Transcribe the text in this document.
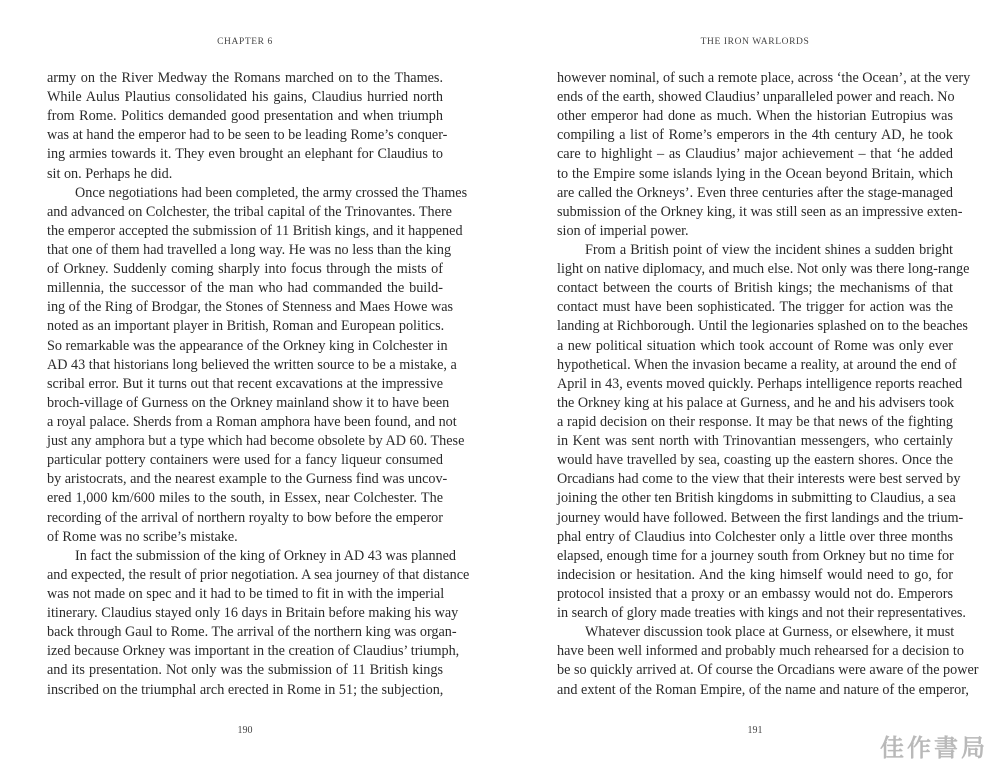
CHAPTER 6	THE IRON WARLORDS
army on the River Medway the Romans marched on to the Thames.
While Aulus Plautius consolidated his gains, Claudius hurried north
from Rome. Politics demanded good presentation and when triumph
was at hand the emperor had to be seen to be leading Rome’s conquer-
ing armies towards it. They even brought an elephant for Claudius to
sit on. Perhaps he did.
Once negotiations had been completed, the army crossed the Thames
and advanced on Colchester, the tribal capital of the Trinovantes. There
the emperor accepted the submission of 11 British kings, and it happened
that one of them had travelled a long way. He was no less than the king
of Orkney. Suddenly coming sharply into focus through the mists of
millennia, the successor of the man who had commanded the build-
ing of the Ring of Brodgar, the Stones of Stenness and Maes Howe was
noted as an important player in British, Roman and European politics.
So remarkable was the appearance of the Orkney king in Colchester in
AD 43 that historians long believed the written source to be a mistake, a
scribal error. But it turns out that recent excavations at the impressive
broch-village of Gurness on the Orkney mainland show it to have been
a royal palace. Sherds from a Roman amphora have been found, and not
just any amphora but a type which had become obsolete by AD 60. These
particular pottery containers were used for a fancy liqueur consumed
by aristocrats, and the nearest example to the Gurness find was uncov-
ered 1,000 km/600 miles to the south, in Essex, near Colchester. The
recording of the arrival of northern royalty to bow before the emperor
of Rome was no scribe’s mistake.
In fact the submission of the king of Orkney in AD 43 was planned
and expected, the result of prior negotiation. A sea journey of that distance
was not made on spec and it had to be timed to fit in with the imperial
itinerary. Claudius stayed only 16 days in Britain before making his way
back through Gaul to Rome. The arrival of the northern king was organ-
ized because Orkney was important in the creation of Claudius’ triumph,
and its presentation. Not only was the submission of 11 British kings
inscribed on the triumphal arch erected in Rome in 51; the subjection,
however nominal, of such a remote place, across ‘the Ocean’, at the very
ends of the earth, showed Claudius’ unparalleled power and reach. No
other emperor had done as much. When the historian Eutropius was
compiling a list of Rome’s emperors in the 4th century AD, he took
care to highlight – as Claudius’ major achievement – that ‘he added
to the Empire some islands lying in the Ocean beyond Britain, which
are called the Orkneys’. Even three centuries after the stage-managed
submission of the Orkney king, it was still seen as an impressive exten-
sion of imperial power.
From a British point of view the incident shines a sudden bright
light on native diplomacy, and much else. Not only was there long-range
contact between the courts of British kings; the mechanisms of that
contact must have been sophisticated. The trigger for action was the
landing at Richborough. Until the legionaries splashed on to the beaches
a new political situation which took account of Rome was only ever
hypothetical. When the invasion became a reality, at around the end of
April in 43, events moved quickly. Perhaps intelligence reports reached
the Orkney king at his palace at Gurness, and he and his advisers took
a rapid decision on their response. It may be that news of the fighting
in Kent was sent north with Trinovantian messengers, who certainly
would have travelled by sea, coasting up the eastern shores. Once the
Orcadians had come to the view that their interests were best served by
joining the other ten British kingdoms in submitting to Claudius, a sea
journey would have followed. Between the first landings and the trium-
phal entry of Claudius into Colchester only a little over three months
elapsed, enough time for a journey south from Orkney but no time for
indecision or hesitation. And the king himself would need to go, for
protocol insisted that a proxy or an embassy would not do. Emperors
in search of glory made treaties with kings and not their representatives.
Whatever discussion took place at Gurness, or elsewhere, it must
have been well informed and probably much rehearsed for a decision to
be so quickly arrived at. Of course the Orcadians were aware of the power
and extent of the Roman Empire, of the name and nature of the emperor,
190	191
佳作書局
